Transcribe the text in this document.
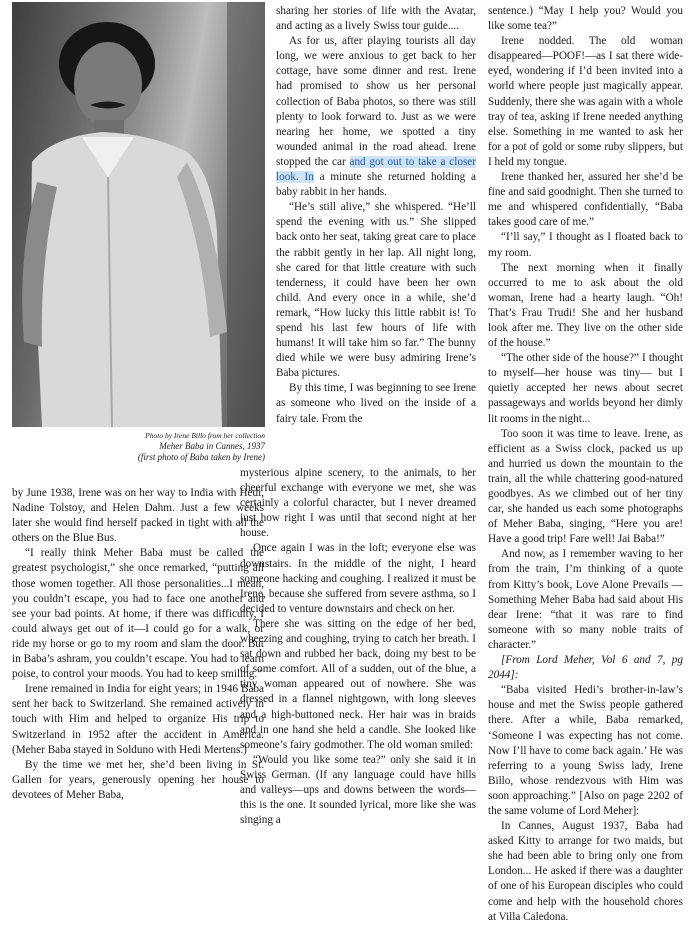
Photo by Irene Billo from her collection
Meher Baba in Cannes, 1937
(first photo of Baba taken by Irene)

by June 1938, Irene was on her way to India with Hedi, Nadine Tolstoy, and Helen Dahm. Just a few weeks later she would find herself packed in tight with all the others on the Blue Bus.

“I really think Meher Baba must be called the greatest psychologist,” she once remarked, “putting all those women together. All those personalities...I mean, you couldn’t escape, you had to face one another and see your bad points. At home, if there was difficulty, I could always get out of it—I could go for a walk, or ride my horse or go to my room and slam the door. But in Baba’s ashram, you couldn’t escape. You had to learn poise, to control your moods. You had to keep smiling.”

Irene remained in India for eight years; in 1946 Baba sent her back to Switzerland. She remained actively in touch with Him and helped to organize His trip to Switzerland in 1952 after the accident in America. (Meher Baba stayed in Solduno with Hedi Mertens.)

By the time we met her, she’d been living in St. Gallen for years, generously opening her house to devotees of Meher Baba,

sharing her stories of life with the Avatar, and acting as a lively Swiss tour guide....

As for us, after playing tourists all day long, we were anxious to get back to her cottage, have some dinner and rest. Irene had promised to show us her personal collection of Baba photos, so there was still plenty to look forward to. Just as we were nearing her home, we spotted a tiny wounded animal in the road ahead. Irene stopped the car and got out to take a closer look. In a minute she returned holding a baby rabbit in her hands.

“He’s still alive,” she whispered. “He’ll spend the evening with us.” She slipped back onto her seat, taking great care to place the rabbit gently in her lap. All night long, she cared for that little creature with such tenderness, it could have been her own child. And every once in a while, she’d remark, “How lucky this little rabbit is! To spend his last few hours of life with humans! It will take him so far.” The bunny died while we were busy admiring Irene’s Baba pictures.

By this time, I was beginning to see Irene as someone who lived on the inside of a fairy tale. From the

mysterious alpine scenery, to the animals, to her cheerful exchange with everyone we met, she was certainly a colorful character, but I never dreamed just how right I was until that second night at her house.

Once again I was in the loft; everyone else was downstairs. In the middle of the night, I heard someone hacking and coughing. I realized it must be Irene, because she suffered from severe asthma, so I decided to venture downstairs and check on her.

There she was sitting on the edge of her bed, wheezing and coughing, trying to catch her breath. I sat down and rubbed her back, doing my best to be of some comfort. All of a sudden, out of the blue, a tiny woman appeared out of nowhere. She was dressed in a flannel nightgown, with long sleeves and a high-buttoned neck. Her hair was in braids and in one hand she held a candle. She looked like someone’s fairy godmother. The old woman smiled:

“Would you like some tea?” only she said it in Swiss German. (If any language could have hills and valleys—ups and downs between the words—this is the one. It sounded lyrical, more like she was singing a

sentence.) “May I help you? Would you like some tea?”

Irene nodded. The old woman disappeared—POOF!—as I sat there wide-eyed, wondering if I’d been invited into a world where people just magically appear. Suddenly, there she was again with a whole tray of tea, asking if Irene needed anything else. Something in me wanted to ask her for a pot of gold or some ruby slippers, but I held my tongue.

Irene thanked her, assured her she’d be fine and said goodnight. Then she turned to me and whispered confidentially, “Baba takes good care of me.”

“I’ll say,” I thought as I floated back to my room.

The next morning when it finally occurred to me to ask about the old woman, Irene had a hearty laugh. “Oh! That’s Frau Trudi! She and her husband look after me. They live on the other side of the house.”

“The other side of the house?” I thought to myself—her house was tiny— but I quietly accepted her news about secret passageways and worlds beyond her dimly lit rooms in the night...

Too soon it was time to leave. Irene, as efficient as a Swiss clock, packed us up and hurried us down the mountain to the train, all the while chattering good-natured goodbyes. As we climbed out of her tiny car, she handed us each some photographs of Meher Baba, singing, “Here you are! Have a good trip! Fare well! Jai Baba!”

And now, as I remember waving to her from the train, I’m thinking of a quote from Kitty’s book, Love Alone Prevails — Something Meher Baba had said about His dear Irene: “that it was rare to find someone with so many noble traits of character.”

[From Lord Meher, Vol 6 and 7, pg 2044]:

“Baba visited Hedi’s brother-in-law’s house and met the Swiss people gathered there. After a while, Baba remarked, ‘Someone I was expecting has not come. Now I’ll have to come back again.’ He was referring to a young Swiss lady, Irene Billo, whose rendezvous with Him was soon approaching.” [Also on page 2202 of the same volume of Lord Meher]:

In Cannes, August 1937, Baba had asked Kitty to arrange for two maids, but she had been able to bring only one from London... He asked if there was a daughter of one of his European disciples who could come and help with the household chores at Villa Caledona.
